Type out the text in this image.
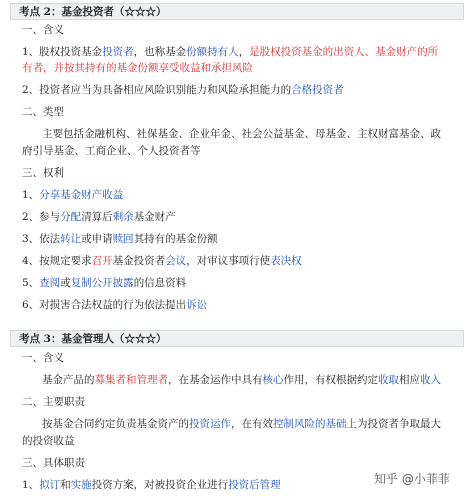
考点 2：基金投资者（☆☆☆）
一、含义
1、股权投资基金投资者，也称基金份额持有人，是股权投资基金的出资人、基金财产的所
有者，并按其持有的基金份额享受收益和承担风险
2、投资者应当为具备相应风险识别能力和风险承担能力的合格投资者
二、类型
主要包括金融机构、社保基金、企业年金、社会公益基金、母基金、主权财富基金、政
府引导基金、工商企业、个人投资者等
三、权利
1、分享基金财产收益
2、参与分配清算后剩余基金财产
3、依法转让或申请赎回其持有的基金份额
4、按规定要求召开基金投资者会议，对审议事项行使表决权
5、查阅或复制公开披露的信息资料
6、对损害合法权益的行为依法提出诉讼
考点 3：基金管理人（☆☆☆）
一、含义
基金产品的募集者和管理者，在基金运作中具有核心作用，有权根据约定收取相应收入
二、主要职责
按基金合同约定负责基金资产的投资运作，在有效控制风险的基础上为投资者争取最大
的投资收益
三、具体职责
1、拟订和实施投资方案，对被投资企业进行投资后管理	知乎 @小菲菲
